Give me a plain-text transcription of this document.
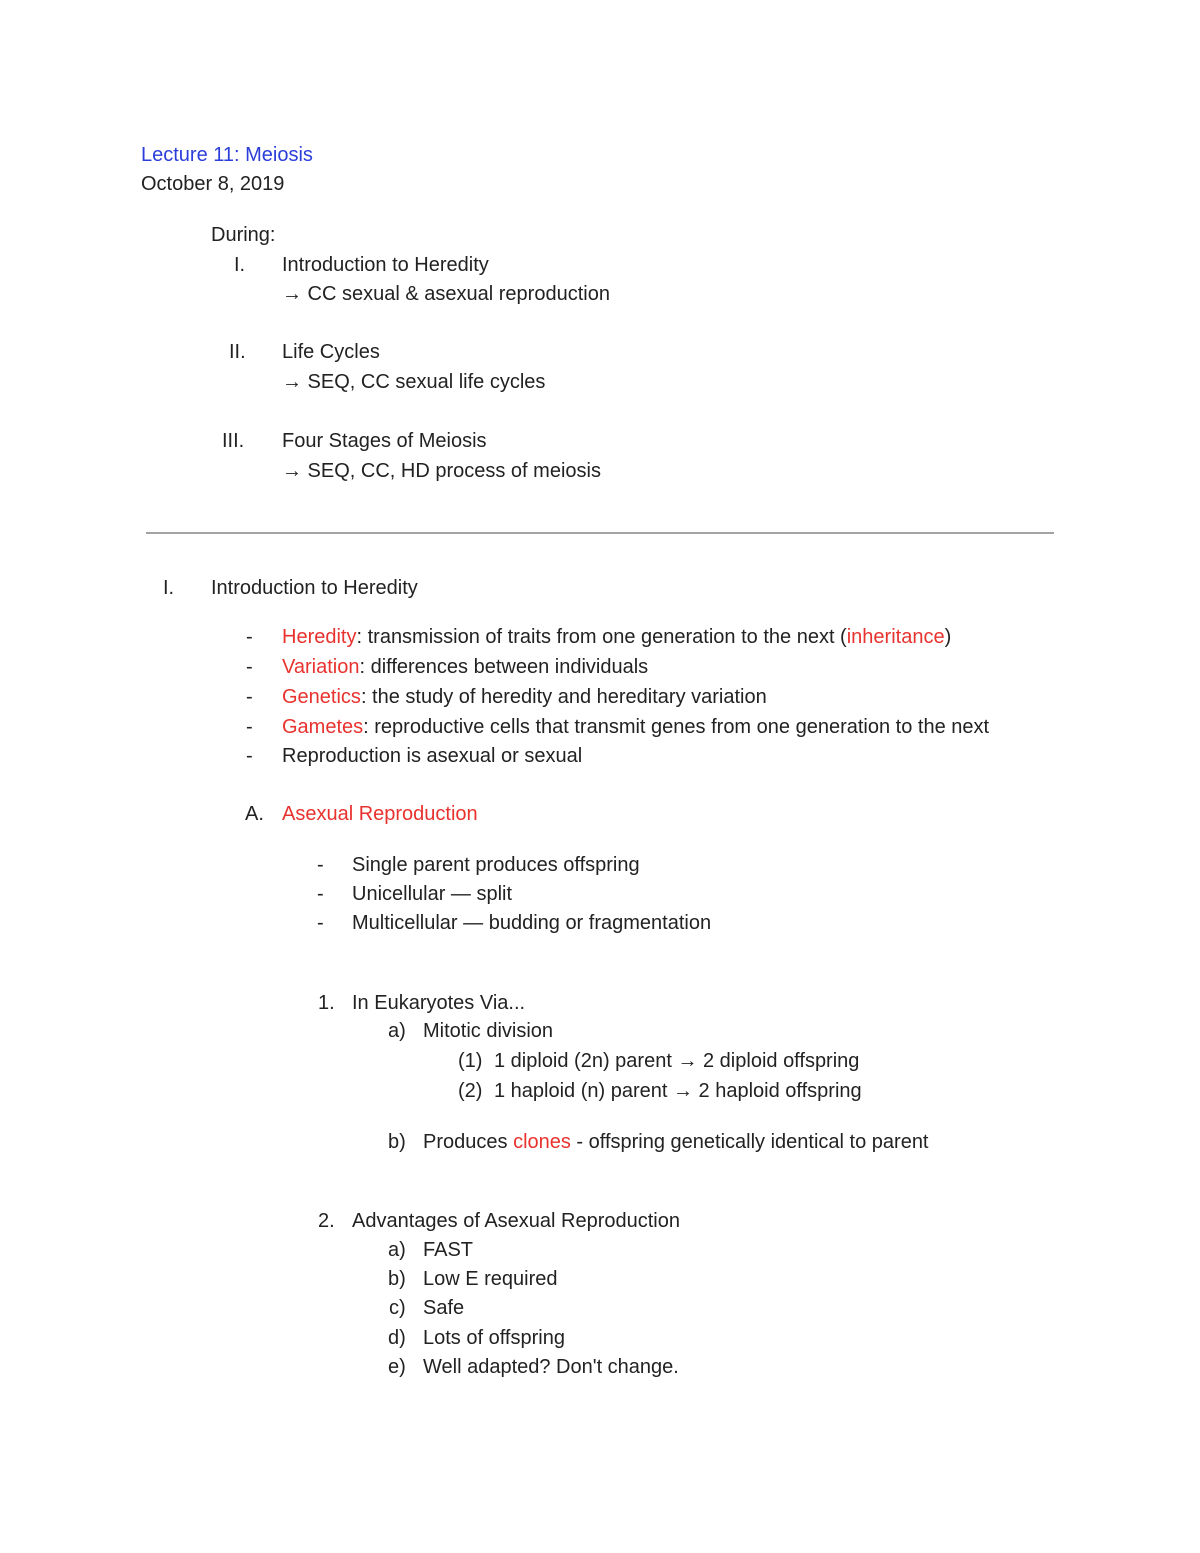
Lecture 11: Meiosis
October 8, 2019
During:
I. Introduction to Heredity
→ CC sexual & asexual reproduction
II. Life Cycles
→ SEQ, CC sexual life cycles
III. Four Stages of Meiosis
→ SEQ, CC, HD process of meiosis
I. Introduction to Heredity
- Heredity: transmission of traits from one generation to the next (inheritance)
- Variation: differences between individuals
- Genetics: the study of heredity and hereditary variation
- Gametes: reproductive cells that transmit genes from one generation to the next
- Reproduction is asexual or sexual
A. Asexual Reproduction
- Single parent produces offspring
- Unicellular — split
- Multicellular — budding or fragmentation
1. In Eukaryotes Via...
a) Mitotic division
(1) 1 diploid (2n) parent → 2 diploid offspring
(2) 1 haploid (n) parent → 2 haploid offspring
b) Produces clones - offspring genetically identical to parent
2. Advantages of Asexual Reproduction
a) FAST
b) Low E required
c) Safe
d) Lots of offspring
e) Well adapted? Don't change.
